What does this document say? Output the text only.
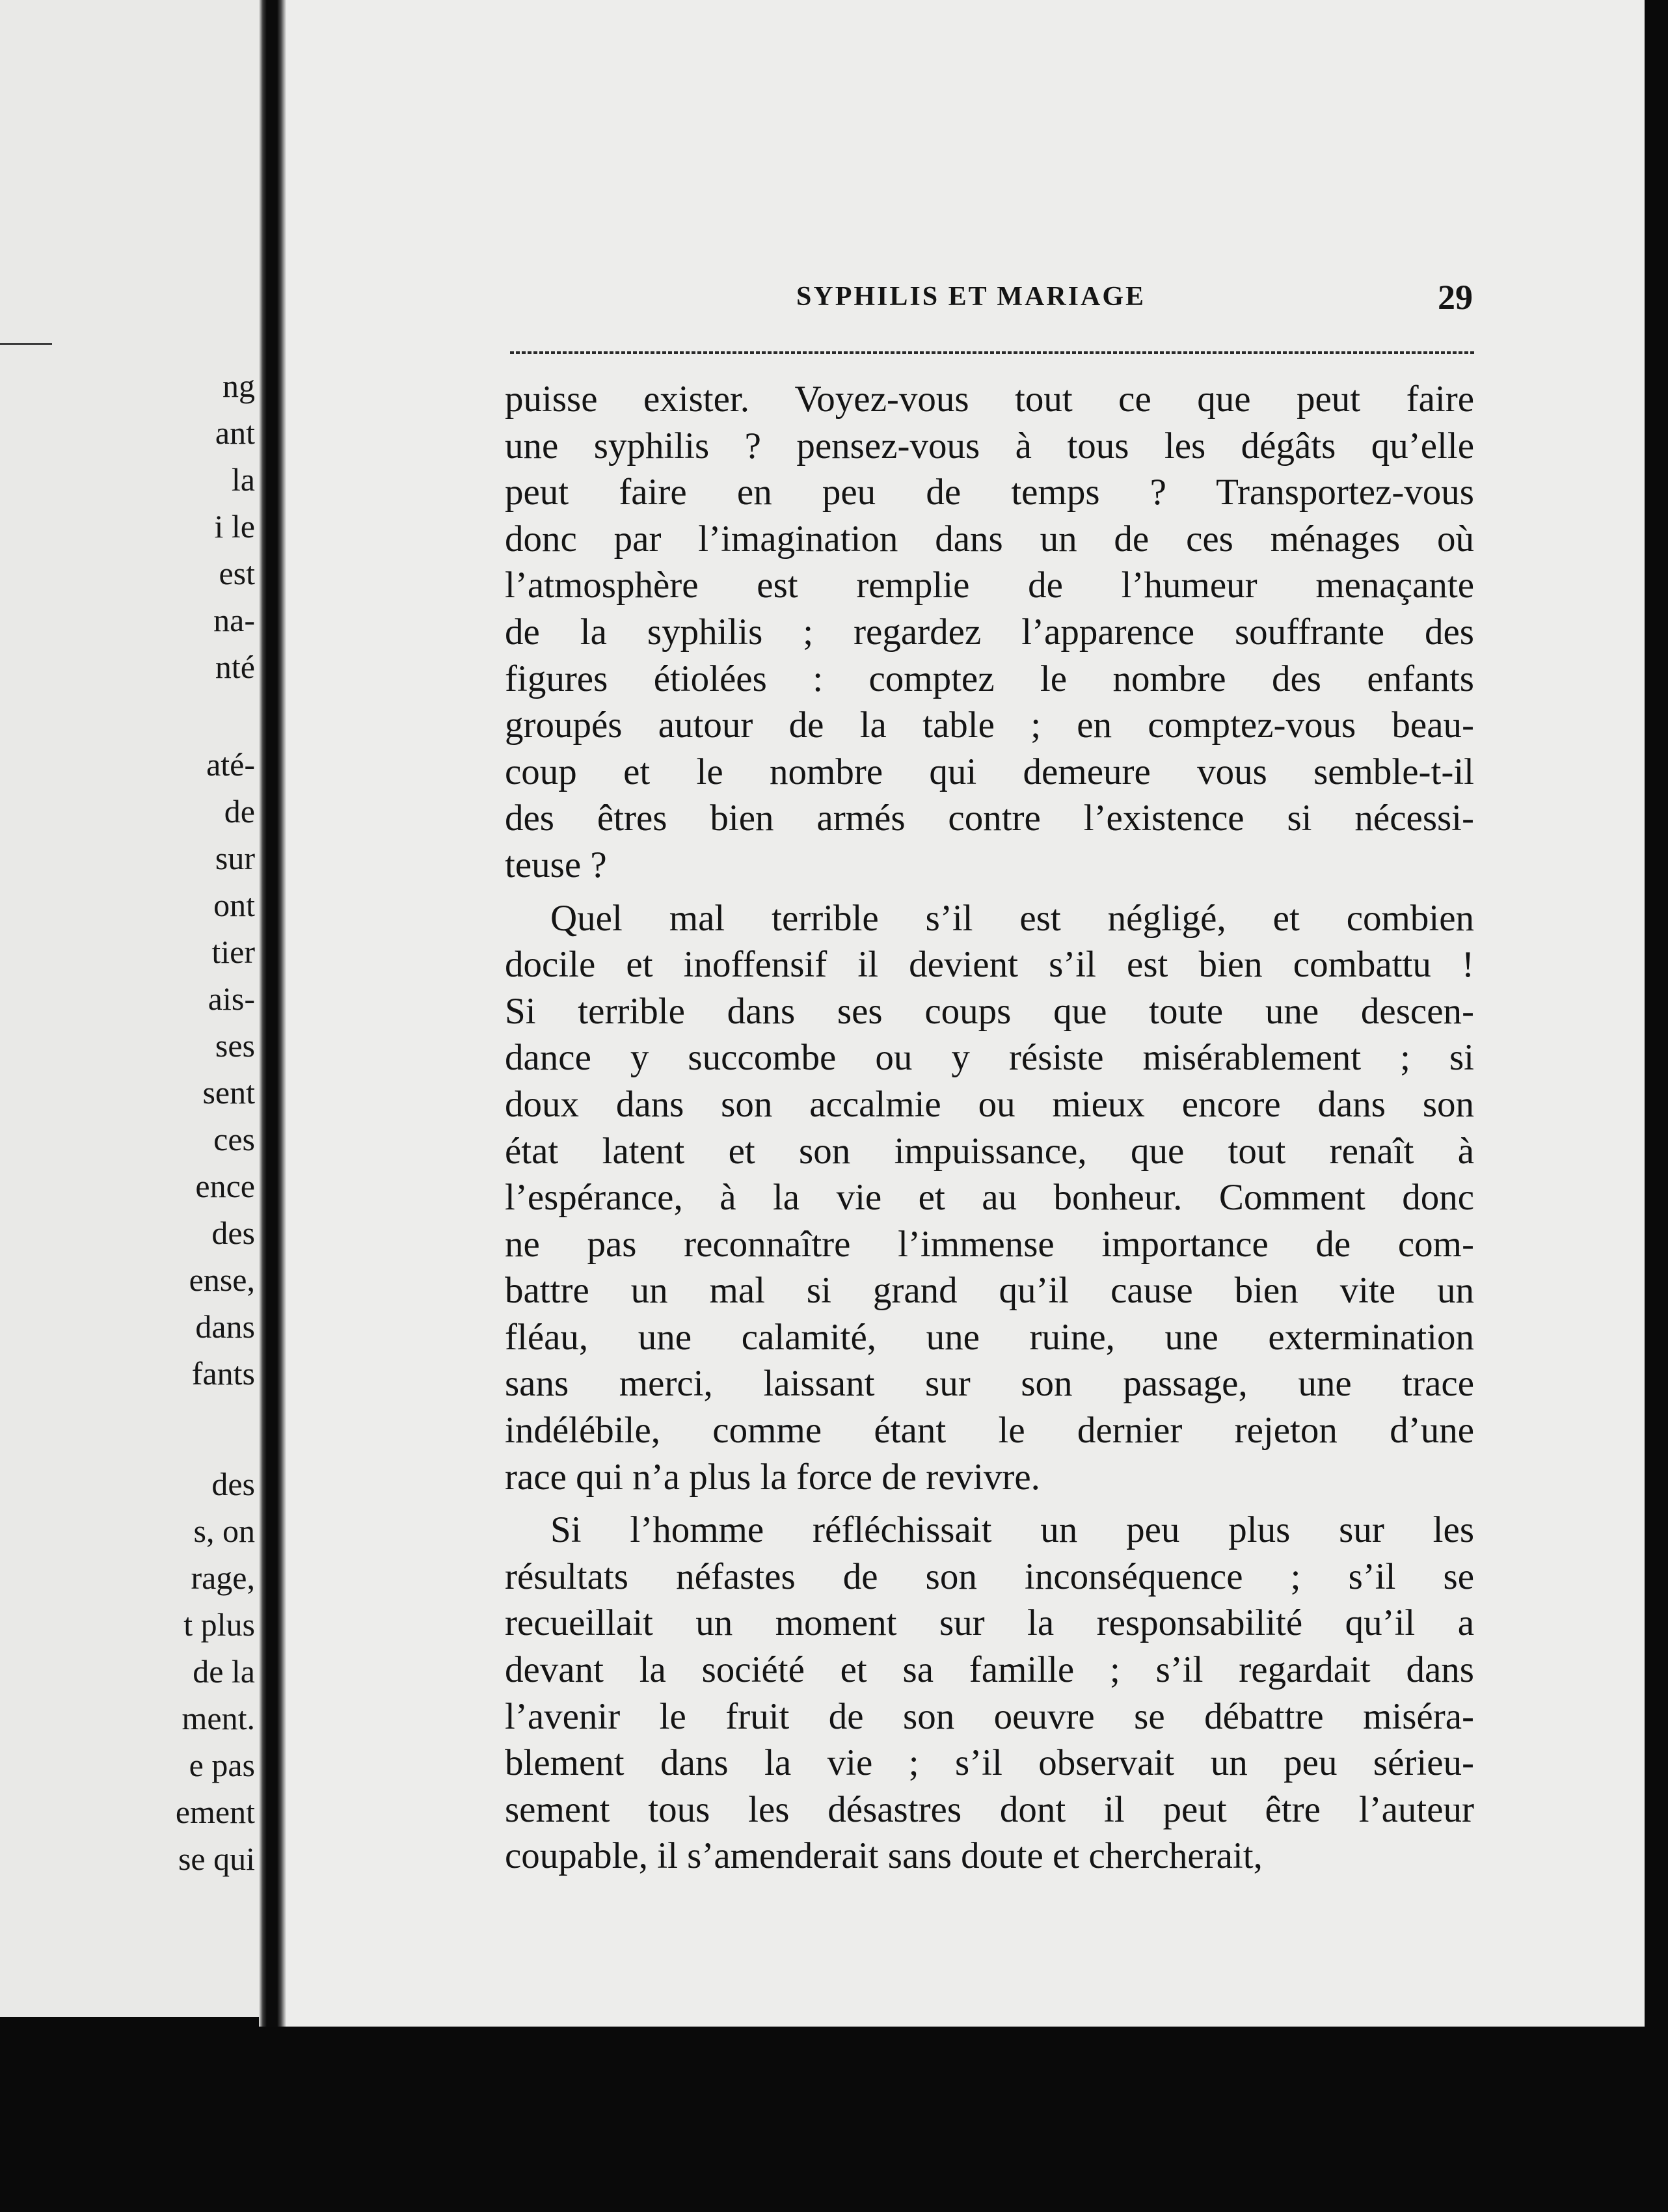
ng
ant
la
i le
est
na-
nté
até-
de
sur
ont
tier
ais-
ses
sent
ces
ence
des
ense,
dans
fants
des
s, on
rage,
t plus
de la
ment.
e pas
ement
se qui
SYPHILIS ET MARIAGE	29
puisse exister. Voyez-vous tout ce que peut faire
une syphilis ? pensez-vous à tous les dégâts qu’elle
peut faire en peu de temps ? Transportez-vous
donc par l’imagination dans un de ces ménages où
l’atmosphère est remplie de l’humeur menaçante
de la syphilis ; regardez l’apparence souffrante des
figures étiolées : comptez le nombre des enfants
groupés autour de la table ; en comptez-vous beau-
coup et le nombre qui demeure vous semble-t-il
des êtres bien armés contre l’existence si nécessi-
teuse ?
Quel mal terrible s’il est négligé, et combien
docile et inoffensif il devient s’il est bien combattu !
Si terrible dans ses coups que toute une descen-
dance y succombe ou y résiste misérablement ; si
doux dans son accalmie ou mieux encore dans son
état latent et son impuissance, que tout renaît à
l’espérance, à la vie et au bonheur. Comment donc
ne pas reconnaître l’immense importance de com-
battre un mal si grand qu’il cause bien vite un
fléau, une calamité, une ruine, une extermination
sans merci, laissant sur son passage, une trace
indélébile, comme étant le dernier rejeton d’une
race qui n’a plus la force de revivre.
Si l’homme réfléchissait un peu plus sur les
résultats néfastes de son inconséquence ; s’il se
recueillait un moment sur la responsabilité qu’il a
devant la société et sa famille ; s’il regardait dans
l’avenir le fruit de son oeuvre se débattre miséra-
blement dans la vie ; s’il observait un peu sérieu-
sement tous les désastres dont il peut être l’auteur
coupable, il s’amenderait sans doute et chercherait,
